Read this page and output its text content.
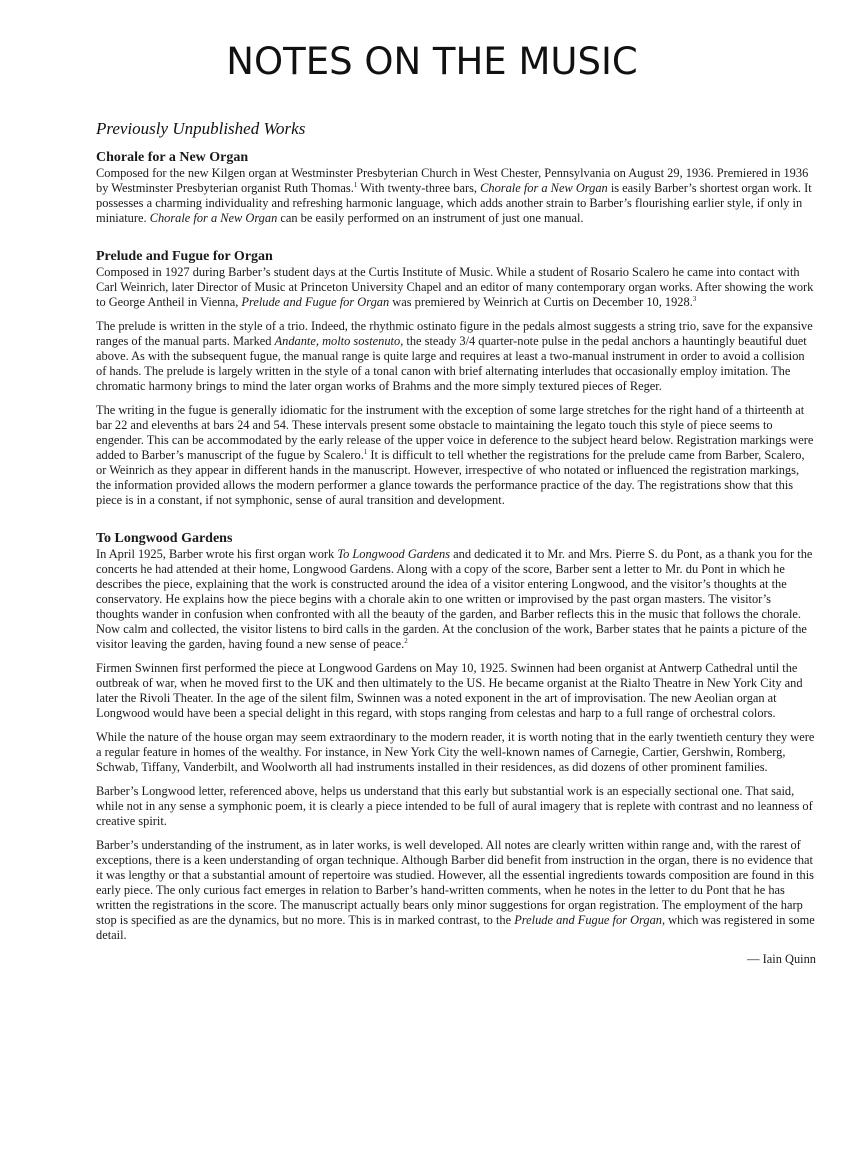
NOTES ON THE MUSIC
Previously Unpublished Works
Chorale for a New Organ

Composed for the new Kilgen organ at Westminster Presbyterian Church in West Chester, Pennsylvania on August 29, 1936. Premiered in 1936 by Westminster Presbyterian organist Ruth Thomas.$^1$ With twenty-three bars, Chorale for a New Organ is easily Barber’s shortest organ work. It possesses a charming individuality and refreshing harmonic language, which adds another strain to Barber’s flourishing earlier style, if only in miniature. Chorale for a New Organ can be easily performed on an instrument of just one manual.

Prelude and Fugue for Organ

Composed in 1927 during Barber’s student days at the Curtis Institute of Music. While a student of Rosario Scalero he came into contact with Carl Weinrich, later Director of Music at Princeton University Chapel and an editor of many contemporary organ works. After showing the work to George Antheil in Vienna, Prelude and Fugue for Organ was premiered by Weinrich at Curtis on December 10, 1928.$^3$

The prelude is written in the style of a trio. Indeed, the rhythmic ostinato figure in the pedals almost suggests a string trio, save for the expansive ranges of the manual parts. Marked Andante, molto sostenuto, the steady 3/4 quarter-note pulse in the pedal anchors a hauntingly beautiful duet above. As with the subsequent fugue, the manual range is quite large and requires at least a two-manual instrument in order to avoid a collision of hands. The prelude is largely written in the style of a tonal canon with brief alternating interludes that occasionally employ imitation. The chromatic harmony brings to mind the later organ works of Brahms and the more simply textured pieces of Reger.

The writing in the fugue is generally idiomatic for the instrument with the exception of some large stretches for the right hand of a thirteenth at bar 22 and elevenths at bars 24 and 54. These intervals present some obstacle to maintaining the legato touch this style of piece seems to engender. This can be accommodated by the early release of the upper voice in deference to the subject heard below. Registration markings were added to Barber’s manuscript of the fugue by Scalero.$^1$ It is difficult to tell whether the registrations for the prelude came from Barber, Scalero, or Weinrich as they appear in different hands in the manuscript. However, irrespective of who notated or influenced the registration markings, the information provided allows the modern performer a glance towards the performance practice of the day. The registrations show that this piece is in a constant, if not symphonic, sense of aural transition and development.

To Longwood Gardens

In April 1925, Barber wrote his first organ work To Longwood Gardens and dedicated it to Mr. and Mrs. Pierre S. du Pont, as a thank you for the concerts he had attended at their home, Longwood Gardens. Along with a copy of the score, Barber sent a letter to Mr. du Pont in which he describes the piece, explaining that the work is constructed around the idea of a visitor entering Longwood, and the visitor’s thoughts at the conservatory. He explains how the piece begins with a chorale akin to one written or improvised by the past organ masters. The visitor’s thoughts wander in confusion when confronted with all the beauty of the garden, and Barber reflects this in the music that follows the chorale. Now calm and collected, the visitor listens to bird calls in the garden. At the conclusion of the work, Barber states that he paints a picture of the visitor leaving the garden, having found a new sense of peace.$^2$

Firmen Swinnen first performed the piece at Longwood Gardens on May 10, 1925. Swinnen had been organist at Antwerp Cathedral until the outbreak of war, when he moved first to the UK and then ultimately to the US. He became organist at the Rialto Theatre in New York City and later the Rivoli Theater. In the age of the silent film, Swinnen was a noted exponent in the art of improvisation. The new Aeolian organ at Longwood would have been a special delight in this regard, with stops ranging from celestas and harp to a full range of orchestral colors.

While the nature of the house organ may seem extraordinary to the modern reader, it is worth noting that in the early twentieth century they were a regular feature in homes of the wealthy. For instance, in New York City the well-known names of Carnegie, Cartier, Gershwin, Romberg, Schwab, Tiffany, Vanderbilt, and Woolworth all had instruments installed in their residences, as did dozens of other prominent families.

Barber’s Longwood letter, referenced above, helps us understand that this early but substantial work is an especially sectional one. That said, while not in any sense a symphonic poem, it is clearly a piece intended to be full of aural imagery that is replete with contrast and no leanness of creative spirit.

Barber’s understanding of the instrument, as in later works, is well developed. All notes are clearly written within range and, with the rarest of exceptions, there is a keen understanding of organ technique. Although Barber did benefit from instruction in the organ, there is no evidence that it was lengthy or that a substantial amount of repertoire was studied. However, all the essential ingredients towards composition are found in this early piece. The only curious fact emerges in relation to Barber’s hand-written comments, when he notes in the letter to du Pont that he has written the registrations in the score. The manuscript actually bears only minor suggestions for organ registration. The employment of the harp stop is specified as are the dynamics, but no more. This is in marked contrast, to the Prelude and Fugue for Organ, which was registered in some detail.

— Iain Quinn
